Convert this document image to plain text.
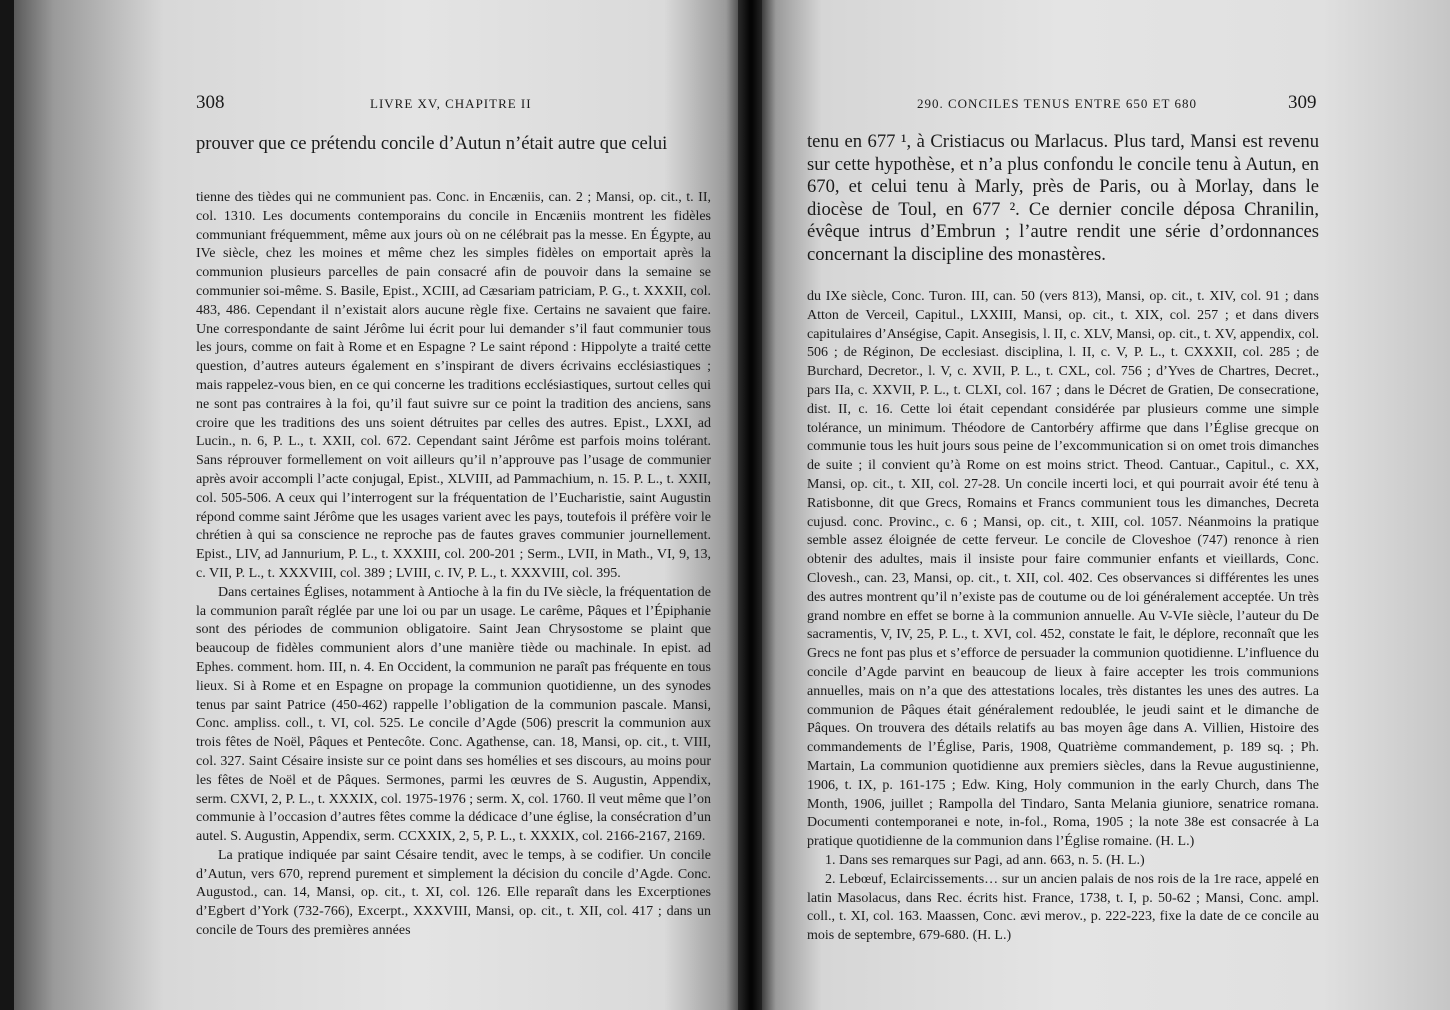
308	LIVRE XV, CHAPITRE II

prouver que ce prétendu concile d’Autun n’était autre que celui

tienne des tièdes qui ne communient pas. Conc. in Encæniis, can. 2 ; Mansi, op. cit., t. II, col. 1310. Les documents contemporains du concile in Encæniis montrent les fidèles communiant fréquemment, même aux jours où on ne célébrait pas la messe. En Égypte, au IVe siècle, chez les moines et même chez les simples fidèles on emportait après la communion plusieurs parcelles de pain consacré afin de pouvoir dans la semaine se communier soi-même. S. Basile, Epist., XCIII, ad Cæsariam patriciam, P. G., t. XXXII, col. 483, 486. Cependant il n’existait alors aucune règle fixe. Certains ne savaient que faire. Une correspondante de saint Jérôme lui écrit pour lui demander s’il faut communier tous les jours, comme on fait à Rome et en Espagne ? Le saint répond : Hippolyte a traité cette question, d’autres auteurs également en s’inspirant de divers écrivains ecclésiastiques ; mais rappelez-vous bien, en ce qui concerne les traditions ecclésiastiques, surtout celles qui ne sont pas contraires à la foi, qu’il faut suivre sur ce point la tradition des anciens, sans croire que les traditions des uns soient détruites par celles des autres. Epist., LXXI, ad Lucin., n. 6, P. L., t. XXII, col. 672. Cependant saint Jérôme est parfois moins tolérant. Sans réprouver formellement on voit ailleurs qu’il n’approuve pas l’usage de communier après avoir accompli l’acte conjugal, Epist., XLVIII, ad Pammachium, n. 15. P. L., t. XXII, col. 505-506. A ceux qui l’interrogent sur la fréquentation de l’Eucharistie, saint Augustin répond comme saint Jérôme que les usages varient avec les pays, toutefois il préfère voir le chrétien à qui sa conscience ne reproche pas de fautes graves communier journellement. Epist., LIV, ad Jannurium, P. L., t. XXXIII, col. 200-201 ; Serm., LVII, in Math., VI, 9, 13, c. VII, P. L., t. XXXVIII, col. 389 ; LVIII, c. IV, P. L., t. XXXVIII, col. 395.

Dans certaines Églises, notamment à Antioche à la fin du IVe siècle, la fréquentation de la communion paraît réglée par une loi ou par un usage. Le carême, Pâques et l’Épiphanie sont des périodes de communion obligatoire. Saint Jean Chrysostome se plaint que beaucoup de fidèles communient alors d’une manière tiède ou machinale. In epist. ad Ephes. comment. hom. III, n. 4. En Occident, la communion ne paraît pas fréquente en tous lieux. Si à Rome et en Espagne on propage la communion quotidienne, un des synodes tenus par saint Patrice (450-462) rappelle l’obligation de la communion pascale. Mansi, Conc. ampliss. coll., t. VI, col. 525. Le concile d’Agde (506) prescrit la communion aux trois fêtes de Noël, Pâques et Pentecôte. Conc. Agathense, can. 18, Mansi, op. cit., t. VIII, col. 327. Saint Césaire insiste sur ce point dans ses homélies et ses discours, au moins pour les fêtes de Noël et de Pâques. Sermones, parmi les œuvres de S. Augustin, Appendix, serm. CXVI, 2, P. L., t. XXXIX, col. 1975-1976 ; serm. X, col. 1760. Il veut même que l’on communie à l’occasion d’autres fêtes comme la dédicace d’une église, la consécration d’un autel. S. Augustin, Appendix, serm. CCXXIX, 2, 5, P. L., t. XXXIX, col. 2166-2167, 2169.

La pratique indiquée par saint Césaire tendit, avec le temps, à se codifier. Un concile d’Autun, vers 670, reprend purement et simplement la décision du concile d’Agde. Conc. Augustod., can. 14, Mansi, op. cit., t. XI, col. 126. Elle reparaît dans les Excerptiones d’Egbert d’York (732-766), Excerpt., XXXVIII, Mansi, op. cit., t. XII, col. 417 ; dans un concile de Tours des premières années

290. CONCILES TENUS ENTRE 650 ET 680	309

tenu en 677 ¹, à Cristiacus ou Marlacus. Plus tard, Mansi est revenu sur cette hypothèse, et n’a plus confondu le concile tenu à Autun, en 670, et celui tenu à Marly, près de Paris, ou à Morlay, dans le diocèse de Toul, en 677 ². Ce dernier concile déposa Chranilin, évêque intrus d’Embrun ; l’autre rendit une série d’ordonnances concernant la discipline des monastères.

du IXe siècle, Conc. Turon. III, can. 50 (vers 813), Mansi, op. cit., t. XIV, col. 91 ; dans Atton de Verceil, Capitul., LXXIII, Mansi, op. cit., t. XIX, col. 257 ; et dans divers capitulaires d’Anségise, Capit. Ansegisis, l. II, c. XLV, Mansi, op. cit., t. XV, appendix, col. 506 ; de Réginon, De ecclesiast. disciplina, l. II, c. V, P. L., t. CXXXII, col. 285 ; de Burchard, Decretor., l. V, c. XVII, P. L., t. CXL, col. 756 ; d’Yves de Chartres, Decret., pars IIa, c. XXVII, P. L., t. CLXI, col. 167 ; dans le Décret de Gratien, De consecratione, dist. II, c. 16. Cette loi était cependant considérée par plusieurs comme une simple tolérance, un minimum. Théodore de Cantorbéry affirme que dans l’Église grecque on communie tous les huit jours sous peine de l’excommunication si on omet trois dimanches de suite ; il convient qu’à Rome on est moins strict. Theod. Cantuar., Capitul., c. XX, Mansi, op. cit., t. XII, col. 27-28. Un concile incerti loci, et qui pourrait avoir été tenu à Ratisbonne, dit que Grecs, Romains et Francs communient tous les dimanches, Decreta cujusd. conc. Provinc., c. 6 ; Mansi, op. cit., t. XIII, col. 1057. Néanmoins la pratique semble assez éloignée de cette ferveur. Le concile de Cloveshoe (747) renonce à rien obtenir des adultes, mais il insiste pour faire communier enfants et vieillards, Conc. Clovesh., can. 23, Mansi, op. cit., t. XII, col. 402. Ces observances si différentes les unes des autres montrent qu’il n’existe pas de coutume ou de loi généralement acceptée. Un très grand nombre en effet se borne à la communion annuelle. Au V-VIe siècle, l’auteur du De sacramentis, V, IV, 25, P. L., t. XVI, col. 452, constate le fait, le déplore, reconnaît que les Grecs ne font pas plus et s’efforce de persuader la communion quotidienne. L’influence du concile d’Agde parvint en beaucoup de lieux à faire accepter les trois communions annuelles, mais on n’a que des attestations locales, très distantes les unes des autres. La communion de Pâques était généralement redoublée, le jeudi saint et le dimanche de Pâques. On trouvera des détails relatifs au bas moyen âge dans A. Villien, Histoire des commandements de l’Église, Paris, 1908, Quatrième commandement, p. 189 sq. ; Ph. Martain, La communion quotidienne aux premiers siècles, dans la Revue augustinienne, 1906, t. IX, p. 161-175 ; Edw. King, Holy communion in the early Church, dans The Month, 1906, juillet ; Rampolla del Tindaro, Santa Melania giuniore, senatrice romana. Documenti contemporanei e note, in-fol., Roma, 1905 ; la note 38e est consacrée à La pratique quotidienne de la communion dans l’Église romaine. (H. L.)

1. Dans ses remarques sur Pagi, ad ann. 663, n. 5. (H. L.)

2. Lebœuf, Eclaircissements… sur un ancien palais de nos rois de la 1re race, appelé en latin Masolacus, dans Rec. écrits hist. France, 1738, t. I, p. 50-62 ; Mansi, Conc. ampl. coll., t. XI, col. 163. Maassen, Conc. ævi merov., p. 222-223, fixe la date de ce concile au mois de septembre, 679-680. (H. L.)
